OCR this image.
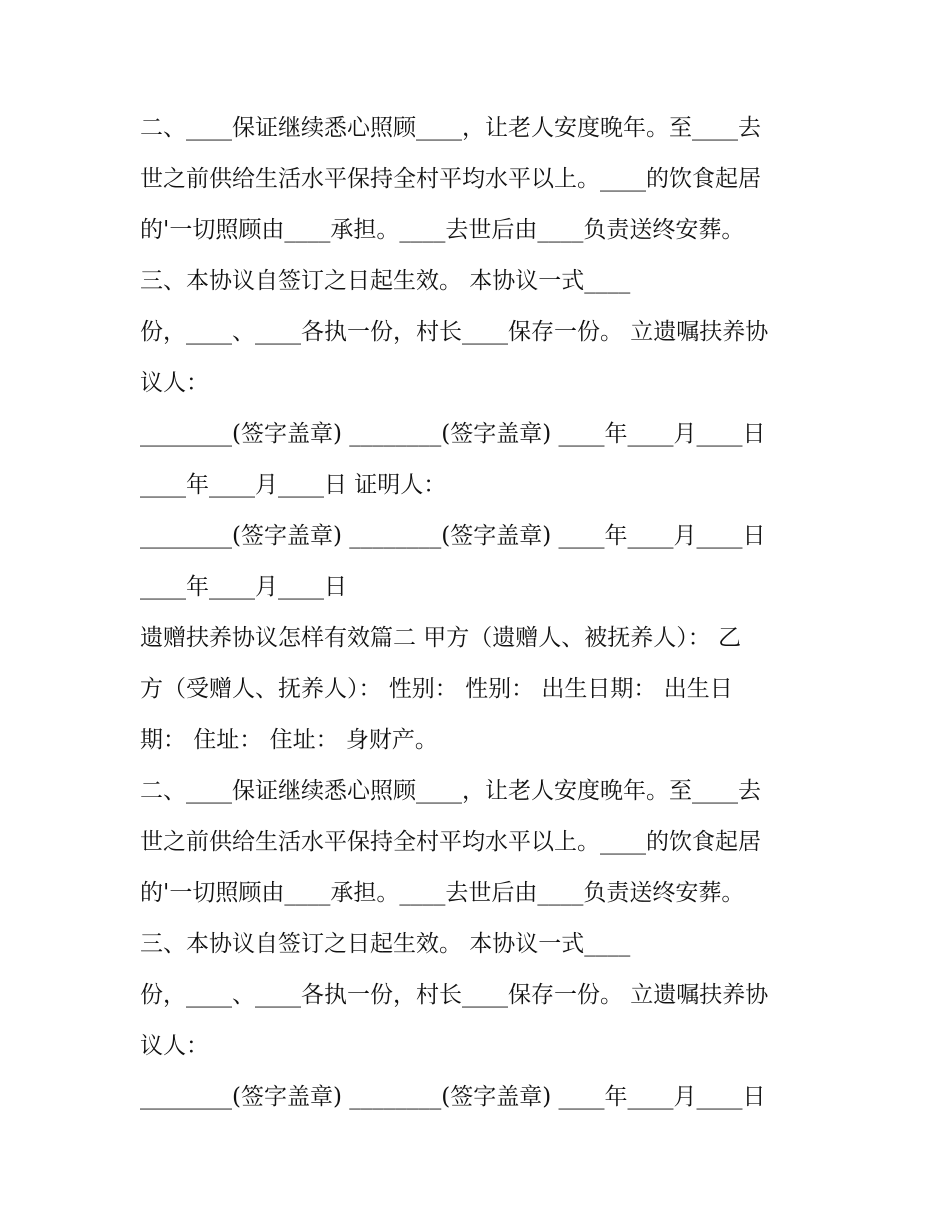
二、____保证继续悉心照顾____，让老人安度晚年。至____去
世之前供给生活水平保持全村平均水平以上。____的饮食起居
的'一切照顾由____承担。____去世后由____负责送终安葬。
三、本协议自签订之日起生效。 本协议一式____
份，____、____各执一份，村长____保存一份。 立遗嘱扶养协
议人：
________(签字盖章) ________(签字盖章) ____年____月____日
____年____月____日 证明人：
________(签字盖章) ________(签字盖章) ____年____月____日
____年____月____日
遗赠扶养协议怎样有效篇二 甲方（遗赠人、被抚养人）： 乙
方（受赠人、抚养人）： 性别： 性别： 出生日期： 出生日
期： 住址： 住址： 身财产。
二、____保证继续悉心照顾____，让老人安度晚年。至____去
世之前供给生活水平保持全村平均水平以上。____的饮食起居
的'一切照顾由____承担。____去世后由____负责送终安葬。
三、本协议自签订之日起生效。 本协议一式____
份，____、____各执一份，村长____保存一份。 立遗嘱扶养协
议人：
________(签字盖章) ________(签字盖章) ____年____月____日
